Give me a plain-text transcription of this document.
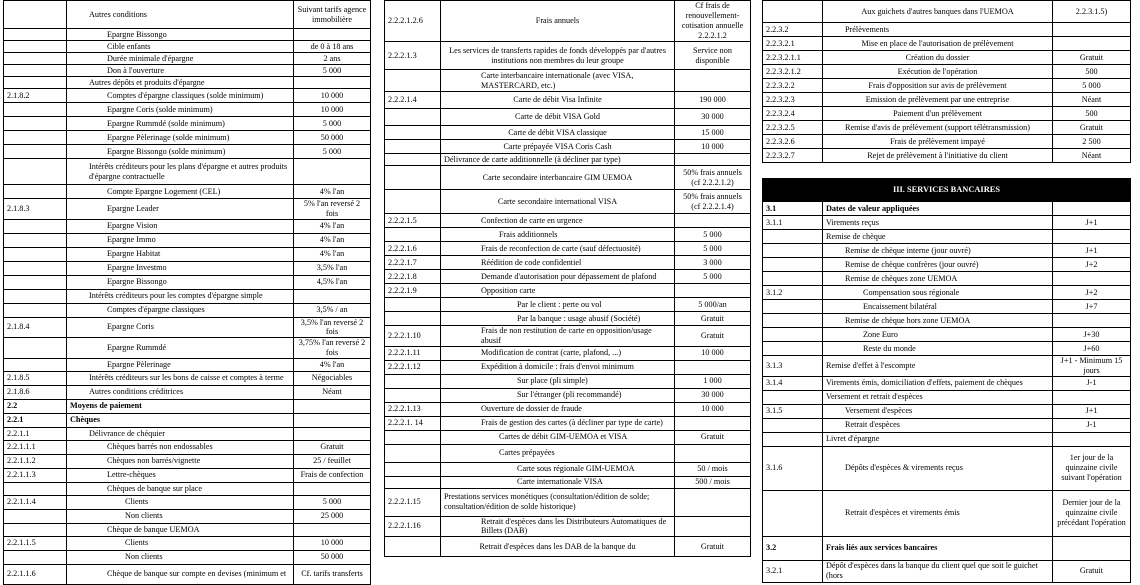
	Autres conditions	Suivant tarifs agence immobilière
	Epargne Bissongo	
	Cible enfants	de 0 à 18 ans
	Durée minimale d'épargne	2 ans
	Don à l'ouverture	5 000
	Autres dépôts et produits d'épargne	
2.1.8.2	Comptes d'épargne classiques (solde minimum)	10 000
	Epargne Coris (solde minimum)	10 000
	Epargne Rummdé (solde minimum)	5 000
	Epargne Pèlerinage (solde minimum)	50 000
	Epargne Bissongo (solde minimum)	5 000
	Intérêts créditeurs pour les plans d'épargne et autres produits d'épargne contractuelle	
	Compte Epargne Logement (CEL)	4% l'an
2.1.8.3	Epargne Leader	5% l'an reversé 2 fois
	Epargne Vision	4% l'an
	Epargne Immo	4% l'an
	Epargne Habitat	4% l'an
	Epargne Investmo	3,5% l'an
	Epargne Bissongo	4,5% l'an
	Intérêts créditeurs pour les comptes d'épargne simple	
	Comptes d'épargne classiques	3,5% / an
2.1.8.4	Epargne Coris	3,5% l'an reversé 2 fois
	Epargne Rummdé	3,75% l'an reversé 2 fois
	Epargne Pèlerinage	4% l'an
2.1.8.5	Intérêts créditeurs sur les bons de caisse et comptes à terme	Négociables
2.1.8.6	Autres conditions créditrices	Néant
2.2	Moyens de paiement	
2.2.1	Chèques	
2.2.1.1	Délivrance de chéquier	
2.2.1.1.1	Chèques barrés non endossables	Gratuit
2.2.1.1.2	Chèques non barrés/vignette	25 / feuillet
2.2.1.1.3	Lettre-chèques	Frais de confection
	Chèques de banque sur place	
2.2.1.1.4	Clients	5 000
	Non clients	25 000
	Chèque de banque UEMOA	
2.2.1.1.5	Clients	10 000
	Non clients	50 000
2.2.1.1.6	Chèque de banque sur compte en devises (minimum et	Cf. tarifs transferts
2.2.2.1.2.6	Frais annuels	Cf frais de renouvellement-cotisation annuelle 2.2.2.1.2
2.2.2.1.3	Les services de transferts rapides de fonds développés par d'autres institutions non membres du leur groupe	Service non disponible
	Carte interbancaire internationale (avec VISA, MASTERCARD, etc.)	
2.2.2.1.4	Carte de débit Visa Infinite	190 000
	Carte de débit VISA Gold	30 000
	Carte de débit VISA classique	15 000
	Carte prépayée VISA Coris Cash	10 000
	Délivrance de carte additionnelle (à décliner par type)	
	Carte secondaire interbancaire GIM UEMOA	50% frais annuels (cf 2.2.2.1.2)
	Carte secondaire international VISA	50% frais annuels (cf 2.2.2.1.4)
2.2.2.1.5	Confection de carte en urgence	
	Frais additionnels	5 000
2.2.2.1.6	Frais de reconfection de carte (sauf défectuosité)	5 000
2.2.2.1.7	Réédition de code confidentiel	3 000
2.2.2.1.8	Demande d'autorisation pour dépassement de plafond	5 000
2.2.2.1.9	Opposition carte	
	Par le client : perte ou vol	5 000/an
	Par la banque : usage abusif (Société)	Gratuit
2.2.2.1.10	Frais de non restitution de carte en opposition/usage abusif	Gratuit
2.2.2.1.11	Modification de contrat (carte, plafond, ...)	10 000
2.2.2.1.12	Expédition à domicile : frais d'envoi minimum	
	Sur place (pli simple)	1 000
	Sur l'étranger (pli recommandé)	30 000
2.2.2.1.13	Ouverture de dossier de fraude	10 000
2.2.2.1. 14	Frais de gestion des cartes (à décliner par type de carte)	
	Cartes de débit GIM-UEMOA et VISA	Gratuit
	Cartes prépayées	
	Carte sous régionale GIM-UEMOA	50 / mois
	Carte internationale VISA	500 / mois
2.2.2.1.15	Prestations services monétiques (consultation/édition de solde; consultation/édition de solde historique)	
2.2.2.1.16	Retrait d'espèces dans les Distributeurs Automatiques de Billets (DAB)	
	Retrait d'espèces dans les DAB de la banque du	Gratuit
	Aux guichets d'autres banques dans l'UEMOA	2.2.3.1.5)
2.2.3.2	Prélèvements	
2.2.3.2.1	Mise en place de l'autorisation de prélèvement	
2.2.3.2.1.1	Création du dossier	Gratuit
2.2.3.2.1.2	Exécution de l'opération	500
2.2.3.2.2	Frais d'opposition sur avis de prélèvement	5 000
2.2.3.2.3	Emission de prélèvement par une entreprise	Néant
2.2.3.2.4	Paiement d'un prélèvement	500
2.2.3.2.5	Remise d'avis de prélèvement (support télétransmission)	Gratuit
2.2.3.2.6	Frais de prélèvement impayé	2 500
2.2.3.2.7	Rejet de prélèvement à l'initiative du client	Néant
III. SERVICES BANCAIRES		
3.1	Dates de valeur appliquées	
3.1.1	Virements reçus	J+1
	Remise de chèque	
	Remise de chèque interne (jour ouvré)	J+1
	Remise de chèque confrères (jour ouvré)	J+2
	Remise de chèques zone UEMOA	
3.1.2	Compensation sous régionale	J+2
	Encaissement bilatéral	J+7
	Remise de chèque hors zone UEMOA	
	Zone Euro	J+30
	Reste du monde	J+60
3.1.3	Remise d'effet à l'escompte	J+1 - Minimum 15 jours
3.1.4	Virements émis, domiciliation d'effets, paiement de chèques	J-1
	Versement et retrait d'espèces	
3.1.5	Versement d'espèces	J+1
	Retrait d'espèces	J-1
	Livret d'épargne	
3.1.6	Dépôts d'espèces & virements reçus	1er jour de la quinzaine civile suivant l'opération
	Retrait d'espèces et virements émis	Dernier jour de la quinzaine civile précédant l'opération
3.2	Frais liés aux services bancaires	
3.2.1	Dépôt d'espèces dans la banque du client quel que soit le guichet (hors	Gratuit
